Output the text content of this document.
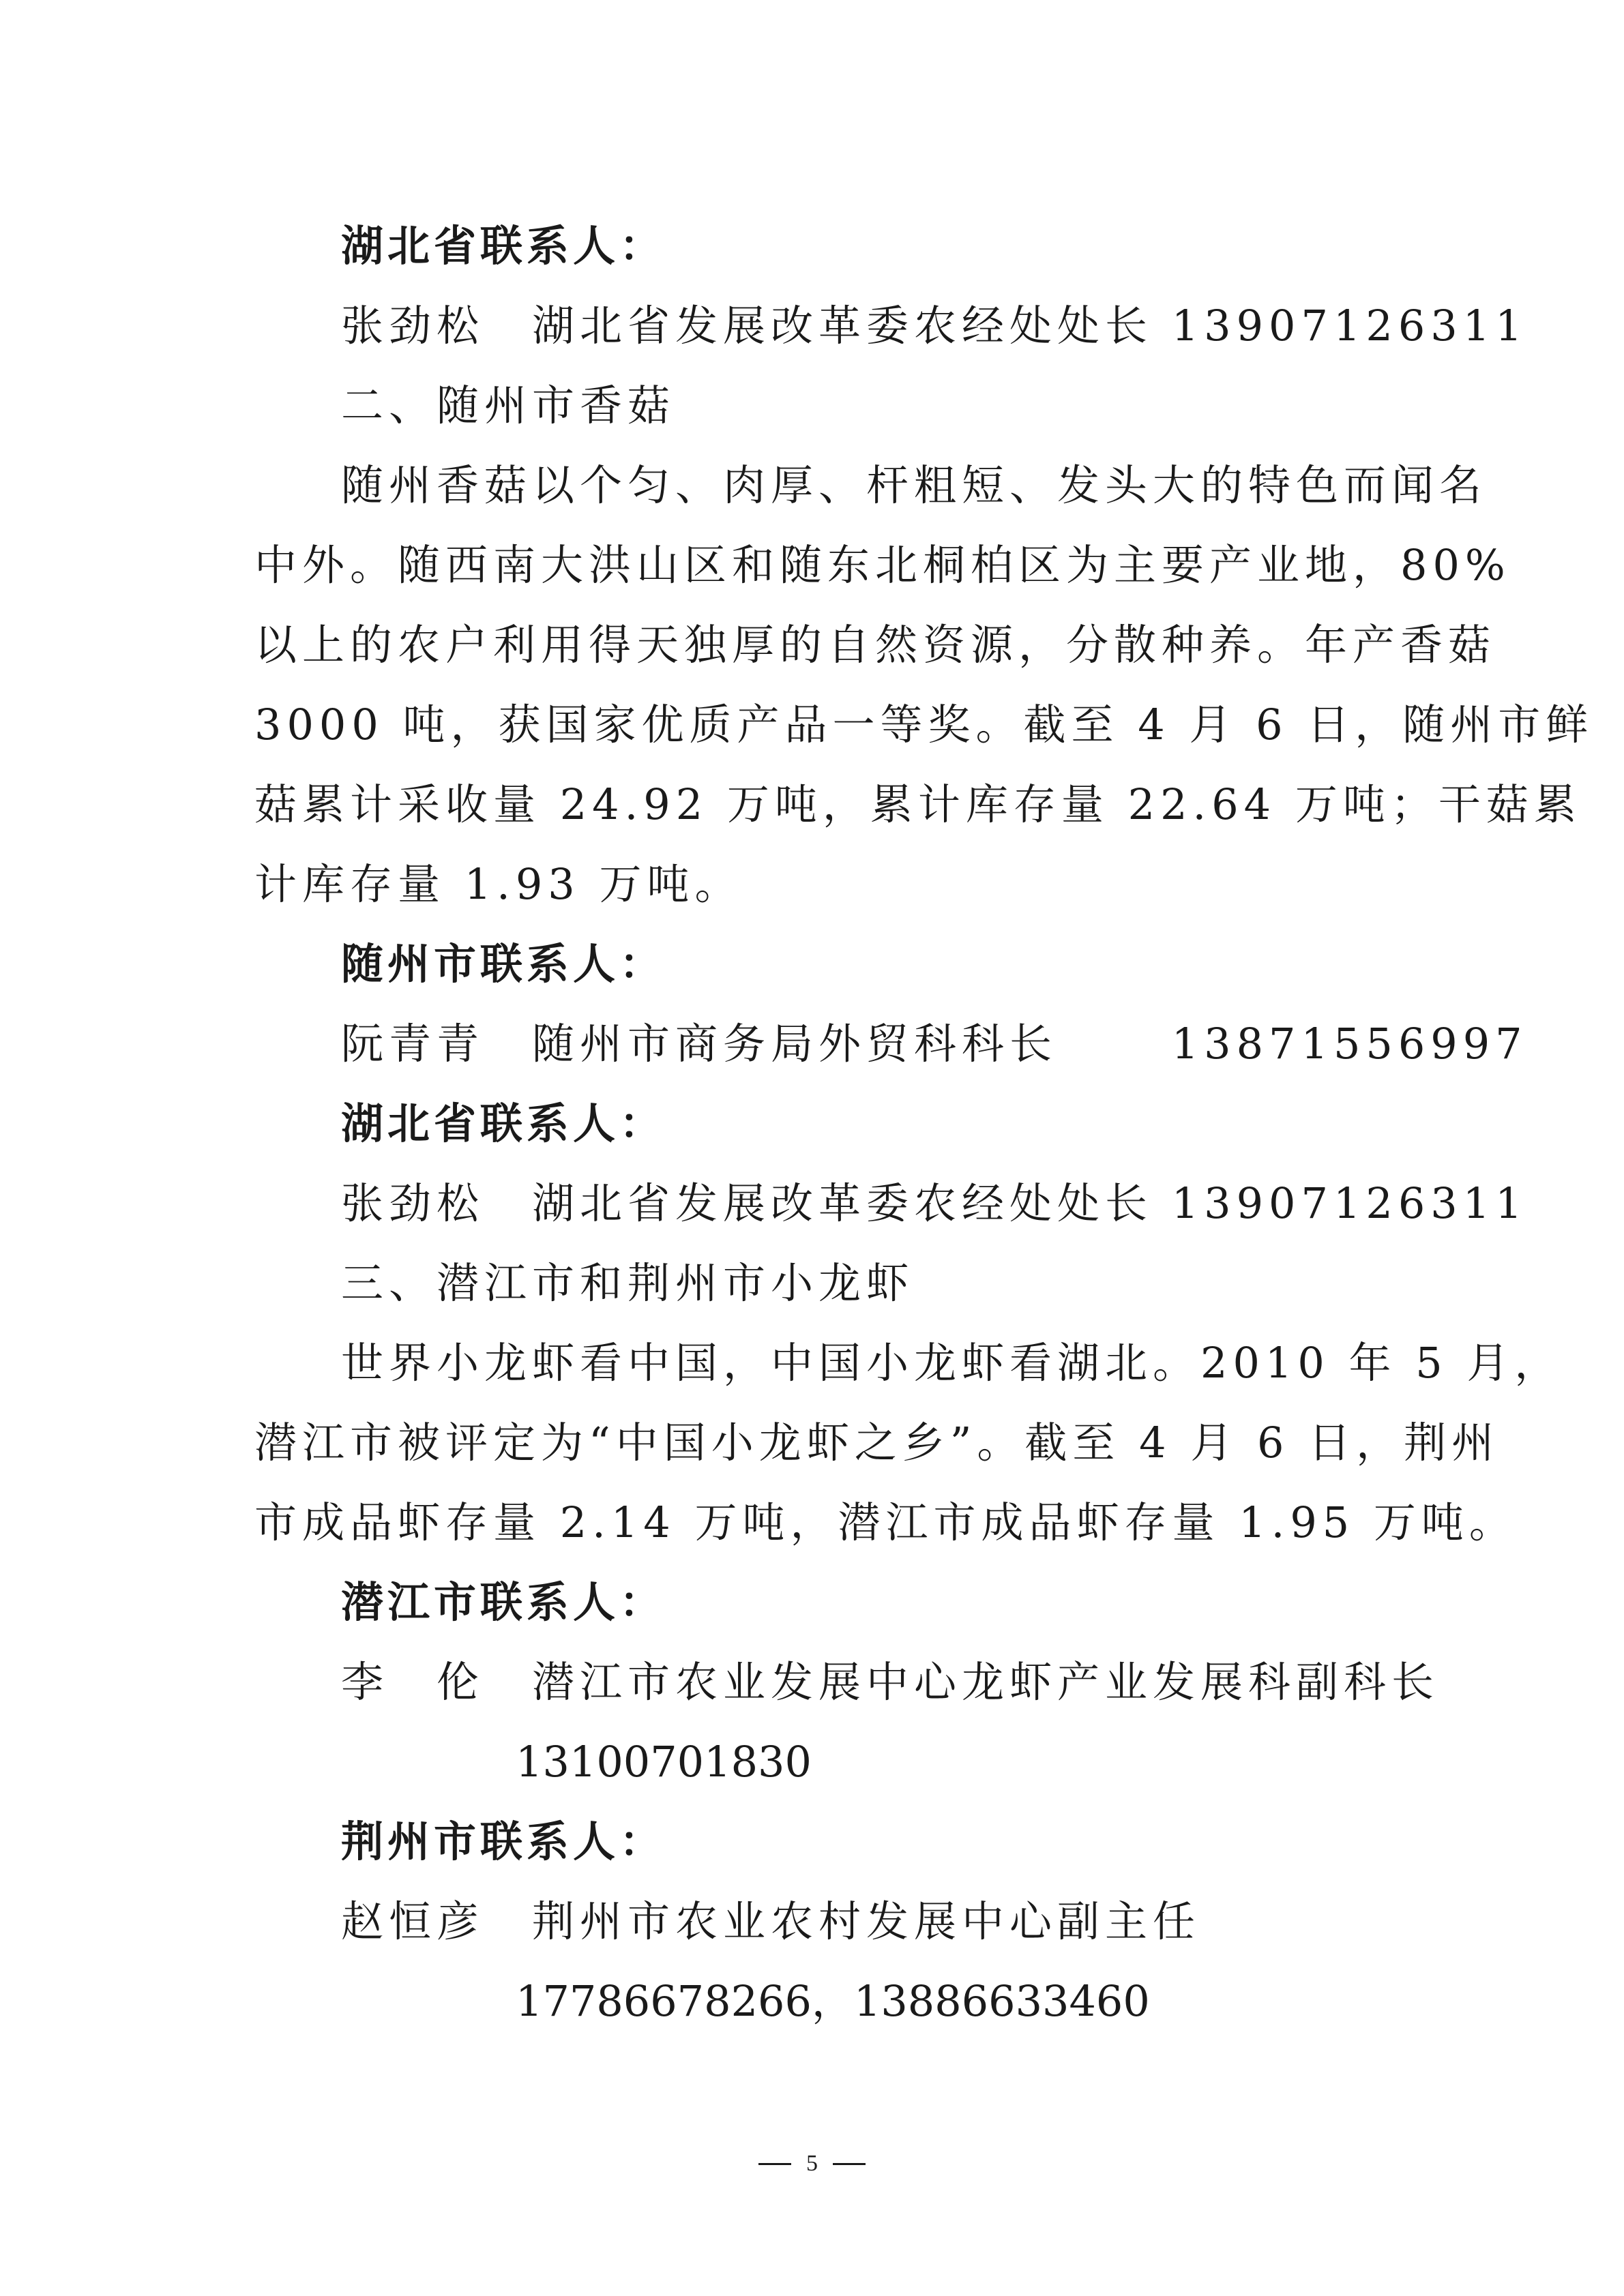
湖北省联系人：
张劲松　湖北省发展改革委农经处处长 13907126311
二、随州市香菇
随州香菇以个匀、肉厚、杆粗短、发头大的特色而闻名
中外。随西南大洪山区和随东北桐柏区为主要产业地，80%
以上的农户利用得天独厚的自然资源，分散种养。年产香菇
3000 吨，获国家优质产品一等奖。截至 4 月 6 日，随州市鲜
菇累计采收量 24.92 万吨，累计库存量 22.64 万吨；干菇累
计库存量 1.93 万吨。
随州市联系人：
阮青青　随州市商务局外贸科科长　　 13871556997
湖北省联系人：
张劲松　湖北省发展改革委农经处处长 13907126311
三、潜江市和荆州市小龙虾
世界小龙虾看中国，中国小龙虾看湖北。2010 年 5 月，
潜江市被评定为“中国小龙虾之乡”。截至 4 月 6 日，荆州
市成品虾存量 2.14 万吨，潜江市成品虾存量 1.95 万吨。
潜江市联系人：
李　伦　潜江市农业发展中心龙虾产业发展科副科长
13100701830
荆州市联系人：
赵恒彦　荆州市农业农村发展中心副主任
17786678266，13886633460
5
